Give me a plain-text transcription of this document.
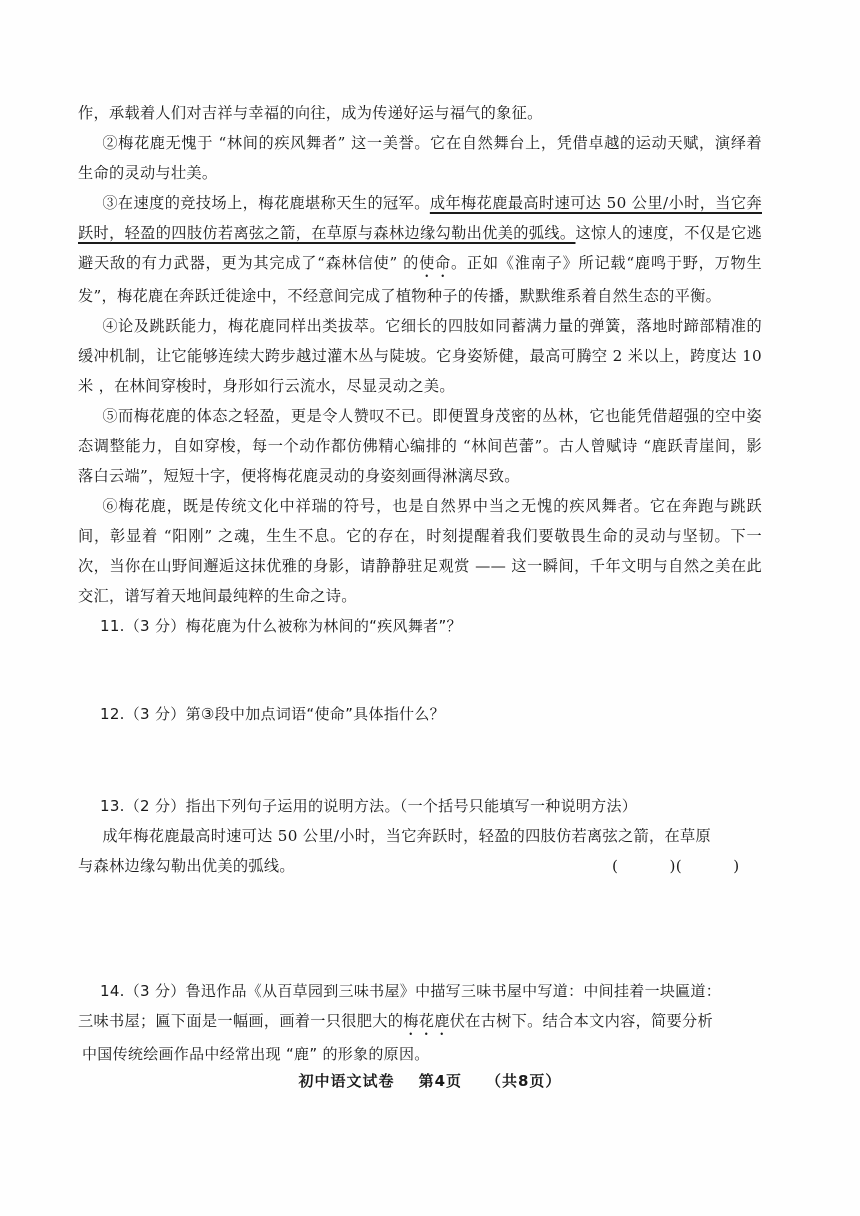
作，承载着人们对吉祥与幸福的向往，成为传递好运与福气的象征。

②梅花鹿无愧于 “林间的疾风舞者” 这一美誉。它在自然舞台上，凭借卓越的运动天赋，演绎着生命的灵动与壮美。

③在速度的竞技场上，梅花鹿堪称天生的冠军。成年梅花鹿最高时速可达 50 公里/小时，当它奔跃时，轻盈的四肢仿若离弦之箭，在草原与森林边缘勾勒出优美的弧线。这惊人的速度，不仅是它逃避天敌的有力武器，更为其完成了“森林信使” 的使命。正如《淮南子》所记载“鹿鸣于野，万物生发”，梅花鹿在奔跃迁徙途中，不经意间完成了植物种子的传播，默默维系着自然生态的平衡。

④论及跳跃能力，梅花鹿同样出类拔萃。它细长的四肢如同蓄满力量的弹簧，落地时蹄部精准的缓冲机制，让它能够连续大跨步越过灌木丛与陡坡。它身姿矫健，最高可腾空 2 米以上，跨度达 10 米 ，在林间穿梭时，身形如行云流水，尽显灵动之美。

⑤而梅花鹿的体态之轻盈，更是令人赞叹不已。即便置身茂密的丛林，它也能凭借超强的空中姿态调整能力，自如穿梭，每一个动作都仿佛精心编排的 “林间芭蕾”。古人曾赋诗 “鹿跃青崖间，影落白云端”，短短十字，便将梅花鹿灵动的身姿刻画得淋漓尽致。

⑥梅花鹿，既是传统文化中祥瑞的符号，也是自然界中当之无愧的疾风舞者。它在奔跑与跳跃间，彰显着 “阳刚” 之魂，生生不息。它的存在，时刻提醒着我们要敬畏生命的灵动与坚韧。下一次，当你在山野间邂逅这抹优雅的身影，请静静驻足观赏 —— 这一瞬间，千年文明与自然之美在此交汇，谱写着天地间最纯粹的生命之诗。

11.（3 分）梅花鹿为什么被称为林间的“疾风舞者”？

12.（3 分）第③段中加点词语“使命”具体指什么？

13.（2 分）指出下列句子运用的说明方法。（一个括号只能填写一种说明方法）

成年梅花鹿最高时速可达 50 公里/小时，当它奔跃时，轻盈的四肢仿若离弦之箭，在草原

与森林边缘勾勒出优美的弧线。	(          )(          )

14.（3 分）鲁迅作品《从百草园到三味书屋》中描写三味书屋中写道：中间挂着一块匾道：

三味书屋；匾下面是一幅画，画着一只很肥大的梅花鹿伏在古树下。结合本文内容，简要分析

中国传统绘画作品中经常出现 “鹿” 的形象的原因。

初中语文试卷 第4页 （共8页）
